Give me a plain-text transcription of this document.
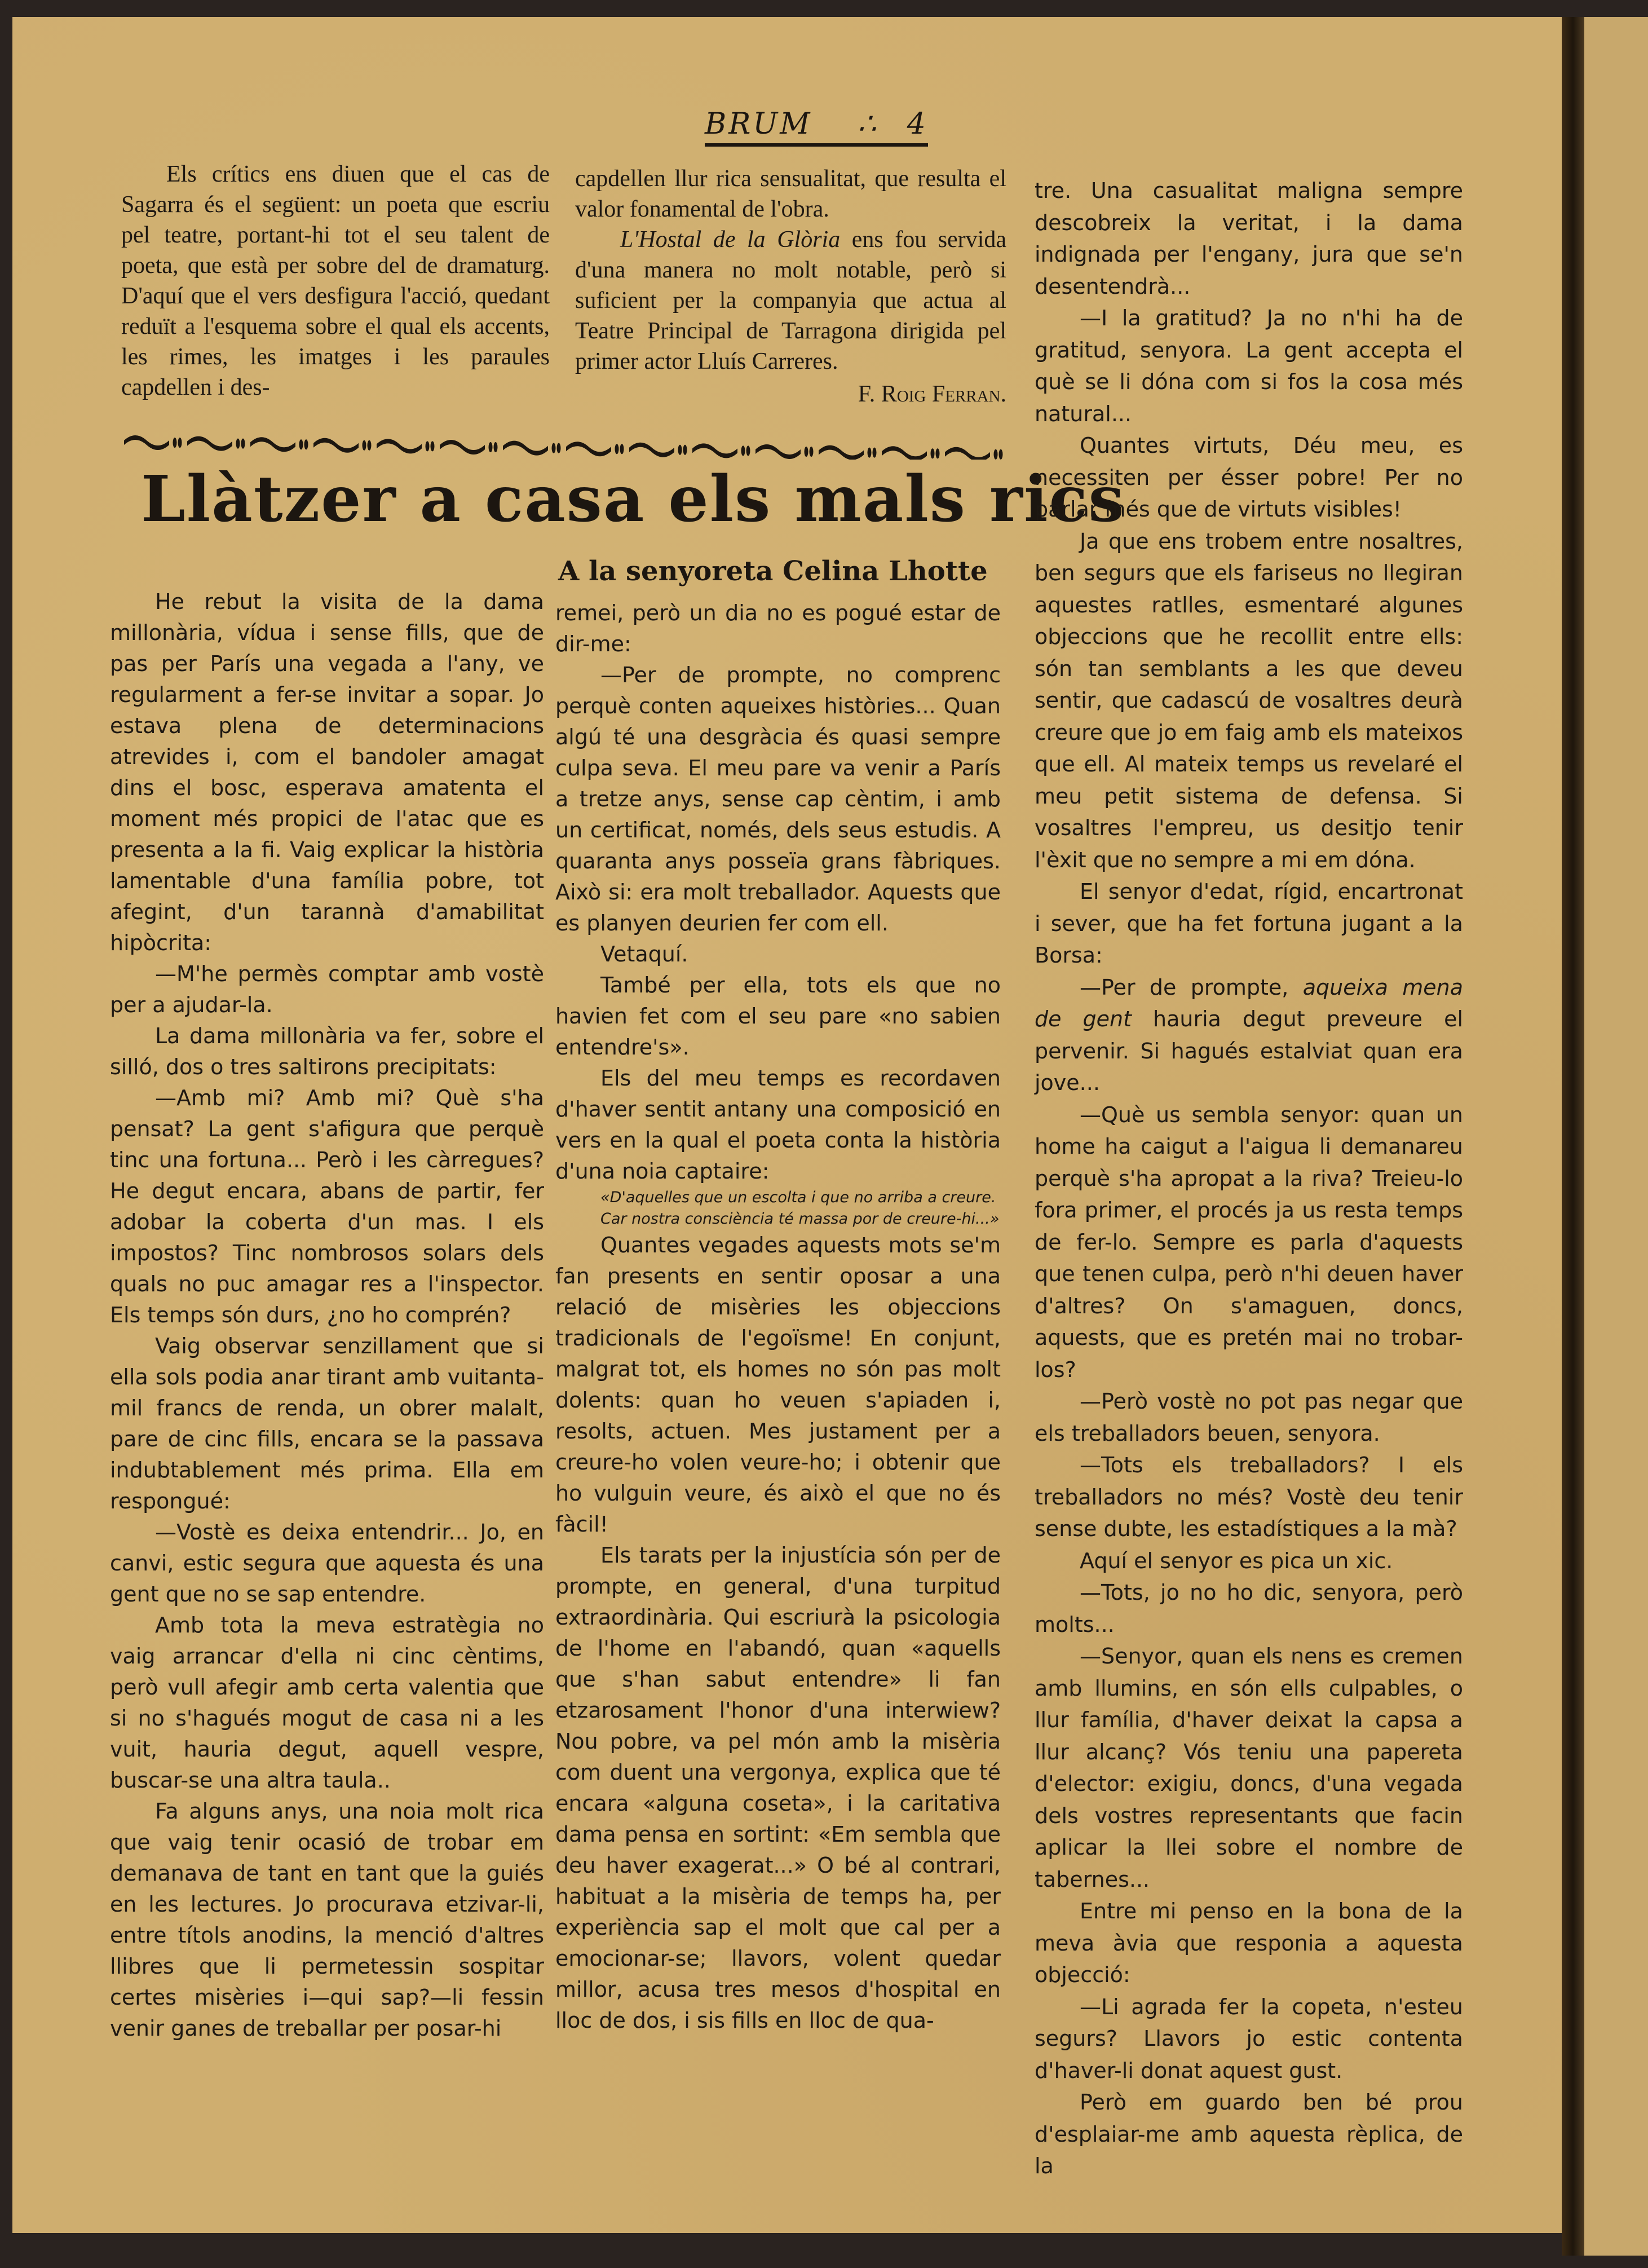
BRUM ∴ 4

Els crítics ens diuen que el cas de Sagarra és el següent: un poeta que escriu pel teatre, portant-hi tot el seu talent de poeta, que està per sobre del de dramaturg. D'aquí que el vers desfigura l'acció, quedant reduït a l'esquema sobre el qual els accents, les rimes, les imatges i les paraules capdellen i des-

capdellen llur rica sensualitat, que resulta el valor fonamental de l'obra.

L'Hostal de la Glòria ens fou servida d'una manera no molt notable, però si suficient per la companyia que actua al Teatre Principal de Tarragona dirigida pel primer actor Lluís Carreres.

F. Roig Ferran.
Llàtzer a casa els mals rics
A la senyoreta Celina Lhotte

He rebut la visita de la dama millonària, vídua i sense fills, que de pas per París una vegada a l'any, ve regularment a fer-se invitar a sopar. Jo estava plena de determinacions atrevides i, com el bandoler amagat dins el bosc, esperava amatenta el moment més propici de l'atac que es presenta a la fi. Vaig explicar la història lamentable d'una família pobre, tot afegint, d'un tarannà d'amabilitat hipòcrita:

—M'he permès comptar amb vostè per a ajudar-la.

La dama millonària va fer, sobre el silló, dos o tres saltirons precipitats:

—Amb mi? Amb mi? Què s'ha pensat? La gent s'afigura que perquè tinc una fortuna... Però i les càrregues? He degut encara, abans de partir, fer adobar la coberta d'un mas. I els impostos? Tinc nombrosos solars dels quals no puc amagar res a l'inspector. Els temps són durs, ¿no ho comprén?

Vaig observar senzillament que si ella sols podia anar tirant amb vuitanta-mil francs de renda, un obrer malalt, pare de cinc fills, encara se la passava indubtablement més prima. Ella em respongué:

—Vostè es deixa entendrir... Jo, en canvi, estic segura que aquesta és una gent que no se sap entendre.

Amb tota la meva estratègia no vaig arrancar d'ella ni cinc cèntims, però vull afegir amb certa valentia que si no s'hagués mogut de casa ni a les vuit, hauria degut, aquell vespre, buscar-se una altra taula..

Fa alguns anys, una noia molt rica que vaig tenir ocasió de trobar em demanava de tant en tant que la guiés en les lectures. Jo procurava etzivar-li, entre títols anodins, la menció d'altres llibres que li permetessin sospitar certes misèries i—qui sap?—li fessin venir ganes de treballar per posar-hi

remei, però un dia no es pogué estar de dir-me:

—Per de prompte, no comprenc perquè conten aqueixes històries... Quan algú té una desgràcia és quasi sempre culpa seva. El meu pare va venir a París a tretze anys, sense cap cèntim, i amb un certificat, només, dels seus estudis. A quaranta anys posseïa grans fàbriques. Això si: era molt treballador. Aquests que es planyen deurien fer com ell.

Vetaquí.

També per ella, tots els que no havien fet com el seu pare «no sabien entendre's».

Els del meu temps es recordaven d'haver sentit antany una composició en vers en la qual el poeta conta la història d'una noia captaire:

«D'aquelles que un escolta i que no arriba a creure.
Car nostra consciència té massa por de creure-hi...»

Quantes vegades aquests mots se'm fan presents en sentir oposar a una relació de misèries les objeccions tradicionals de l'egoïsme! En conjunt, malgrat tot, els homes no són pas molt dolents: quan ho veuen s'apiaden i, resolts, actuen. Mes justament per a creure-ho volen veure-ho; i obtenir que ho vulguin veure, és això el que no és fàcil!

Els tarats per la injustícia són per de prompte, en general, d'una turpitud extraordinària. Qui escriurà la psicologia de l'home en l'abandó, quan «aquells que s'han sabut entendre» li fan etzarosament l'honor d'una interwiew? Nou pobre, va pel món amb la misèria com duent una vergonya, explica que té encara «alguna coseta», i la caritativa dama pensa en sortint: «Em sembla que deu haver exagerat...» O bé al contrari, habituat a la misèria de temps ha, per experiència sap el molt que cal per a emocionar-se; llavors, volent quedar millor, acusa tres mesos d'hospital en lloc de dos, i sis fills en lloc de qua-

tre. Una casualitat maligna sempre descobreix la veritat, i la dama indignada per l'engany, jura que se'n desentendrà...

—I la gratitud? Ja no n'hi ha de gratitud, senyora. La gent accepta el què se li dóna com si fos la cosa més natural...

Quantes virtuts, Déu meu, es necessiten per ésser pobre! Per no parlar més que de virtuts visibles!

Ja que ens trobem entre nosaltres, ben segurs que els fariseus no llegiran aquestes ratlles, esmentaré algunes objeccions que he recollit entre ells: són tan semblants a les que deveu sentir, que cadascú de vosaltres deurà creure que jo em faig amb els mateixos que ell. Al mateix temps us revelaré el meu petit sistema de defensa. Si vosaltres l'empreu, us desitjo tenir l'èxit que no sempre a mi em dóna.

El senyor d'edat, rígid, encartronat i sever, que ha fet fortuna jugant a la Borsa:

—Per de prompte, aqueixa mena de gent hauria degut preveure el pervenir. Si hagués estalviat quan era jove...

—Què us sembla senyor: quan un home ha caigut a l'aigua li demanareu perquè s'ha apropat a la riva? Treieu-lo fora primer, el procés ja us resta temps de fer-lo. Sempre es parla d'aquests que tenen culpa, però n'hi deuen haver d'altres? On s'amaguen, doncs, aquests, que es pretén mai no trobar-los?

—Però vostè no pot pas negar que els treballadors beuen, senyora.

—Tots els treballadors? I els treballadors no més? Vostè deu tenir sense dubte, les estadístiques a la mà?

Aquí el senyor es pica un xic.

—Tots, jo no ho dic, senyora, però molts...

—Senyor, quan els nens es cremen amb llumins, en són ells culpables, o llur família, d'haver deixat la capsa a llur alcanç? Vós teniu una papereta d'elector: exigiu, doncs, d'una vegada dels vostres representants que facin aplicar la llei sobre el nombre de tabernes...

Entre mi penso en la bona de la meva àvia que responia a aquesta objecció:

—Li agrada fer la copeta, n'esteu segurs? Llavors jo estic contenta d'haver-li donat aquest gust.

Però em guardo ben bé prou d'esplaiar-me amb aquesta rèplica, de la
